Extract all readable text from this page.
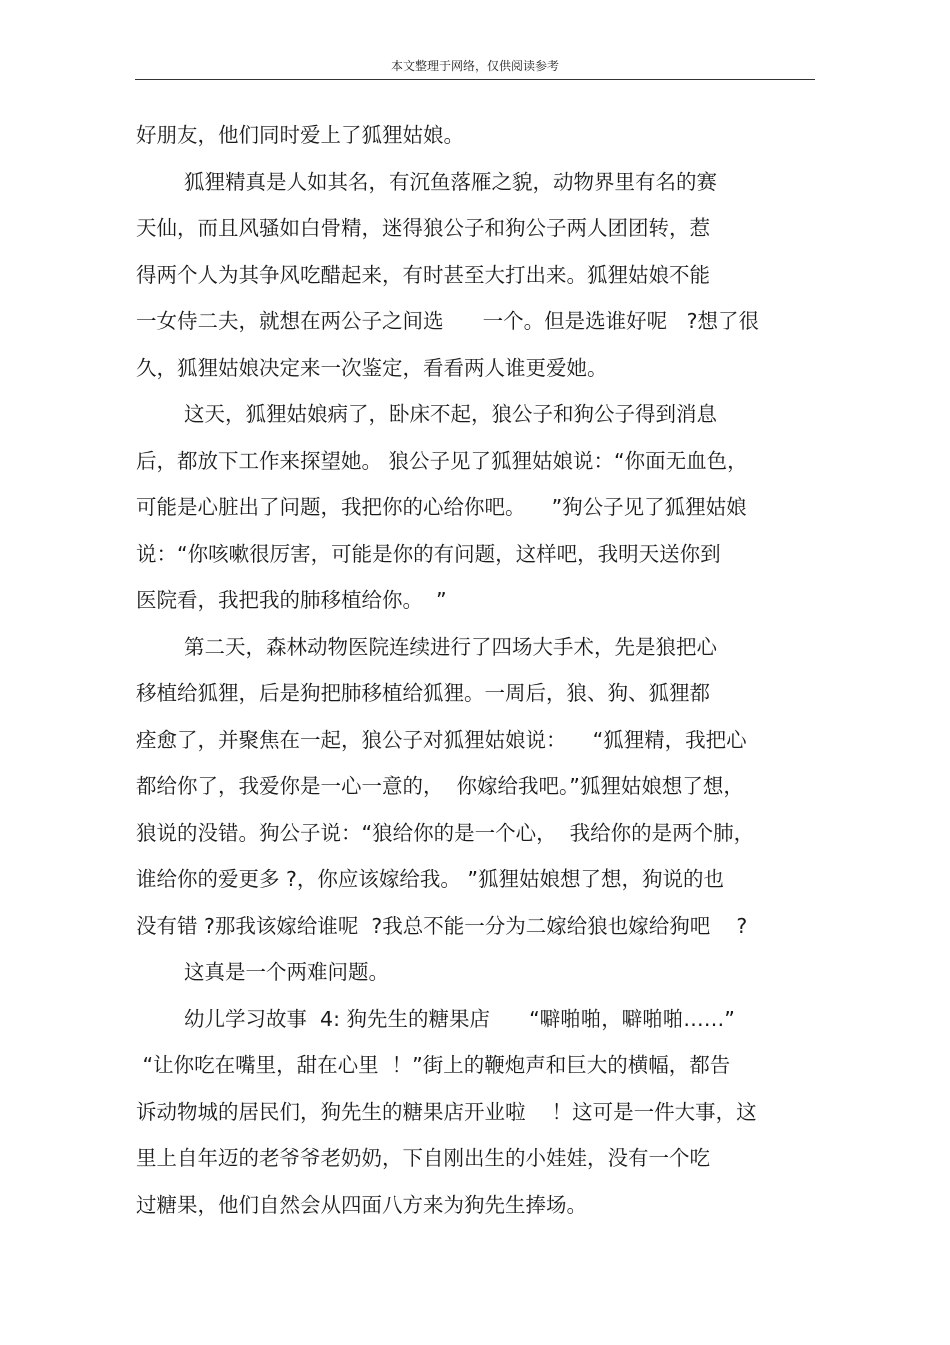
本文整理于网络，仅供阅读参考
好朋友，他们同时爱上了狐狸姑娘。
狐狸精真是人如其名，有沉鱼落雁之貌，动物界里有名的赛
天仙，而且风骚如白骨精，迷得狼公子和狗公子两人团团转，惹
得两个人为其争风吃醋起来，有时甚至大打出来。狐狸姑娘不能
一女侍二夫，就想在两公子之间选      一个。但是选谁好呢   ?想了很
久，狐狸姑娘决定来一次鉴定，看看两人谁更爱她。
这天，狐狸姑娘病了，卧床不起，狼公子和狗公子得到消息
后，都放下工作来探望她。 狼公子见了狐狸姑娘说：“你面无血色，
可能是心脏出了问题，我把你的心给你吧。    ”狗公子见了狐狸姑娘
说：“你咳嗽很厉害，可能是你的有问题，这样吧，我明天送你到
医院看，我把我的肺移植给你。  ”
第二天，森林动物医院连续进行了四场大手术，先是狼把心
移植给狐狸，后是狗把肺移植给狐狸。一周后，狼、狗、狐狸都
痊愈了，并聚焦在一起，狼公子对狐狸姑娘说：    “狐狸精，我把心
都给你了，我爱你是一心一意的，  你嫁给我吧。”狐狸姑娘想了想，
狼说的没错。狗公子说：“狼给你的是一个心，  我给你的是两个肺，
谁给你的爱更多 ?，你应该嫁给我。 ”狐狸姑娘想了想，狗说的也
没有错 ?那我该嫁给谁呢  ?我总不能一分为二嫁给狼也嫁给狗吧    ?
这真是一个两难问题。
幼儿学习故事  4: 狗先生的糖果店      “噼啪啪，噼啪啪……”
“让你吃在嘴里，甜在心里  ！”街上的鞭炮声和巨大的横幅，都告
诉动物城的居民们，狗先生的糖果店开业啦    ！这可是一件大事，这
里上自年迈的老爷爷老奶奶，下自刚出生的小娃娃，没有一个吃
过糖果，他们自然会从四面八方来为狗先生捧场。
